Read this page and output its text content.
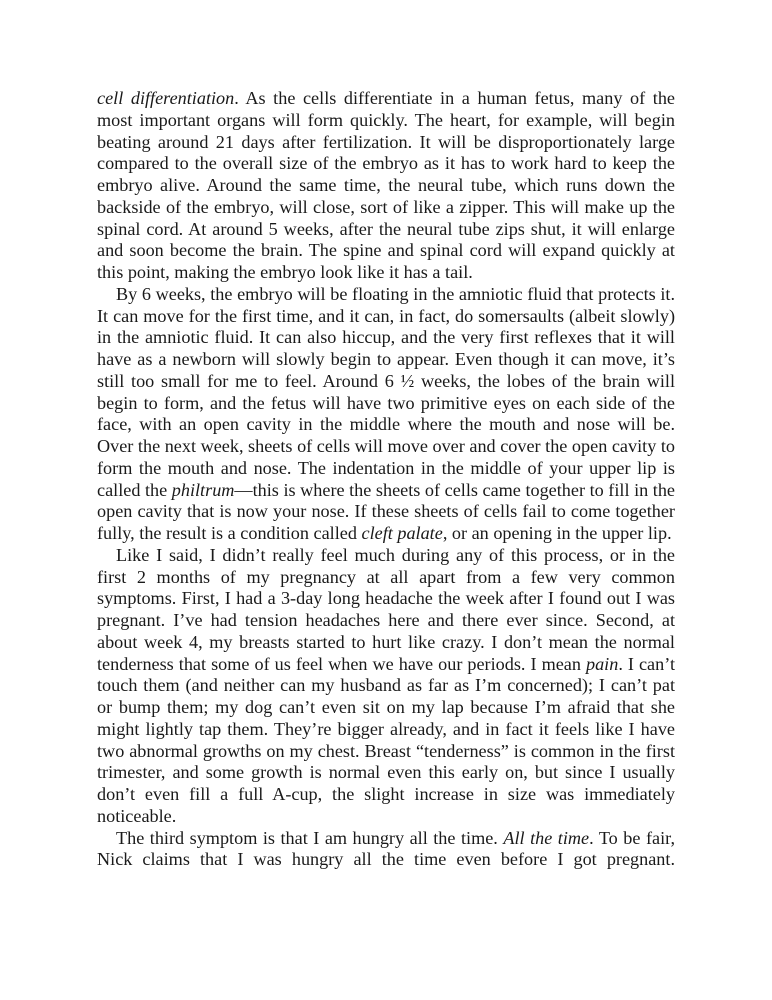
cell differentiation. As the cells differentiate in a human fetus, many of the most important organs will form quickly. The heart, for example, will begin beating around 21 days after fertilization. It will be disproportionately large compared to the overall size of the embryo as it has to work hard to keep the embryo alive. Around the same time, the neural tube, which runs down the backside of the embryo, will close, sort of like a zipper. This will make up the spinal cord. At around 5 weeks, after the neural tube zips shut, it will enlarge and soon become the brain. The spine and spinal cord will expand quickly at this point, making the embryo look like it has a tail.

By 6 weeks, the embryo will be floating in the amniotic fluid that protects it. It can move for the first time, and it can, in fact, do somersaults (albeit slowly) in the amniotic fluid. It can also hiccup, and the very first reflexes that it will have as a newborn will slowly begin to appear. Even though it can move, it’s still too small for me to feel. Around 6 ½ weeks, the lobes of the brain will begin to form, and the fetus will have two primitive eyes on each side of the face, with an open cavity in the middle where the mouth and nose will be. Over the next week, sheets of cells will move over and cover the open cavity to form the mouth and nose. The indentation in the middle of your upper lip is called the philtrum—this is where the sheets of cells came together to fill in the open cavity that is now your nose. If these sheets of cells fail to come together fully, the result is a condition called cleft palate, or an opening in the upper lip.

Like I said, I didn’t really feel much during any of this process, or in the first 2 months of my pregnancy at all apart from a few very common symptoms. First, I had a 3-day long headache the week after I found out I was pregnant. I’ve had tension headaches here and there ever since. Second, at about week 4, my breasts started to hurt like crazy. I don’t mean the normal tenderness that some of us feel when we have our periods. I mean pain. I can’t touch them (and neither can my husband as far as I’m concerned); I can’t pat or bump them; my dog can’t even sit on my lap because I’m afraid that she might lightly tap them. They’re bigger already, and in fact it feels like I have two abnormal growths on my chest. Breast “tenderness” is common in the first trimester, and some growth is normal even this early on, but since I usually don’t even fill a full A-cup, the slight increase in size was immediately noticeable.

The third symptom is that I am hungry all the time. All the time. To be fair, Nick claims that I was hungry all the time even before I got pregnant.
